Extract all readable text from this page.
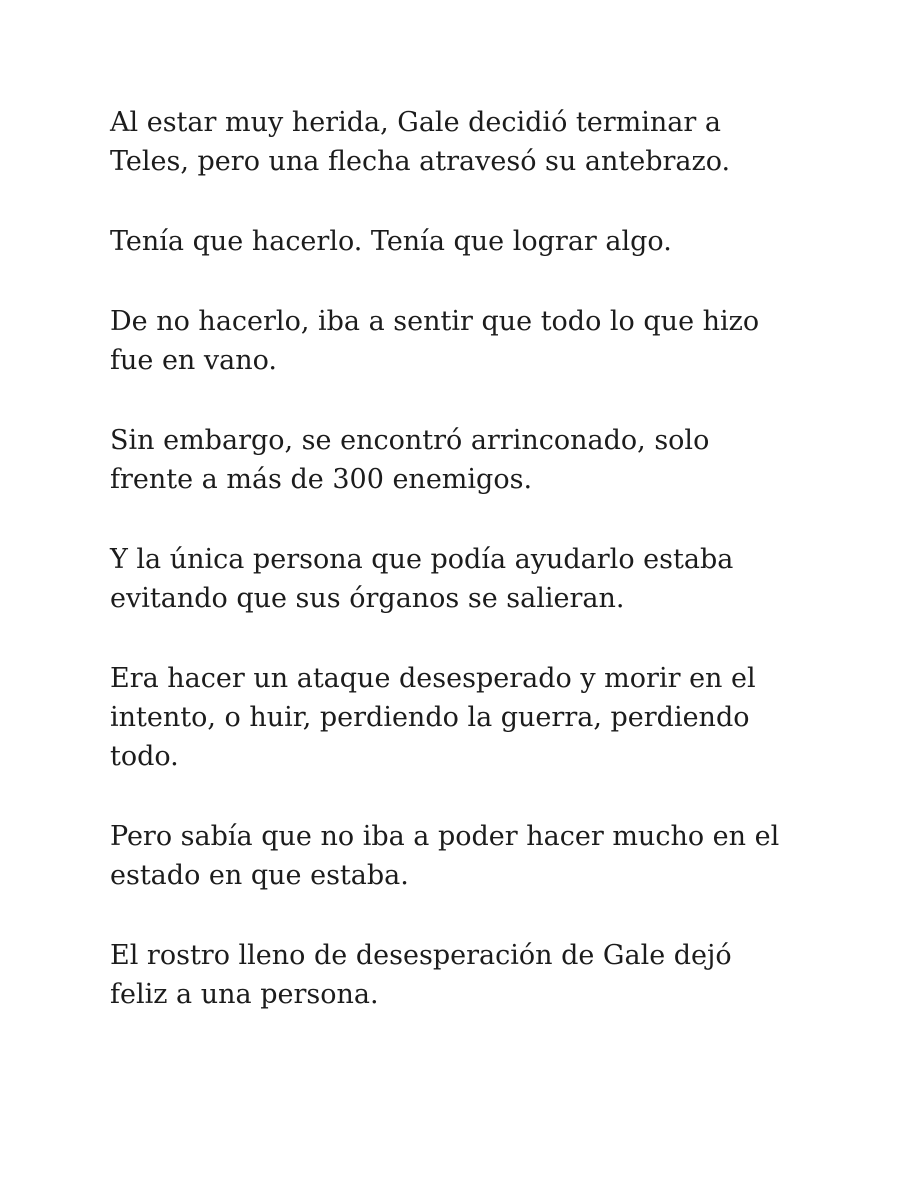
Al estar muy herida, Gale decidió terminar a
Teles, pero una flecha atravesó su antebrazo.

Tenía que hacerlo. Tenía que lograr algo.

De no hacerlo, iba a sentir que todo lo que hizo
fue en vano.

Sin embargo, se encontró arrinconado, solo
frente a más de 300 enemigos.

Y la única persona que podía ayudarlo estaba
evitando que sus órganos se salieran.

Era hacer un ataque desesperado y morir en el
intento, o huir, perdiendo la guerra, perdiendo
todo.

Pero sabía que no iba a poder hacer mucho en el
estado en que estaba.

El rostro lleno de desesperación de Gale dejó
feliz a una persona.
